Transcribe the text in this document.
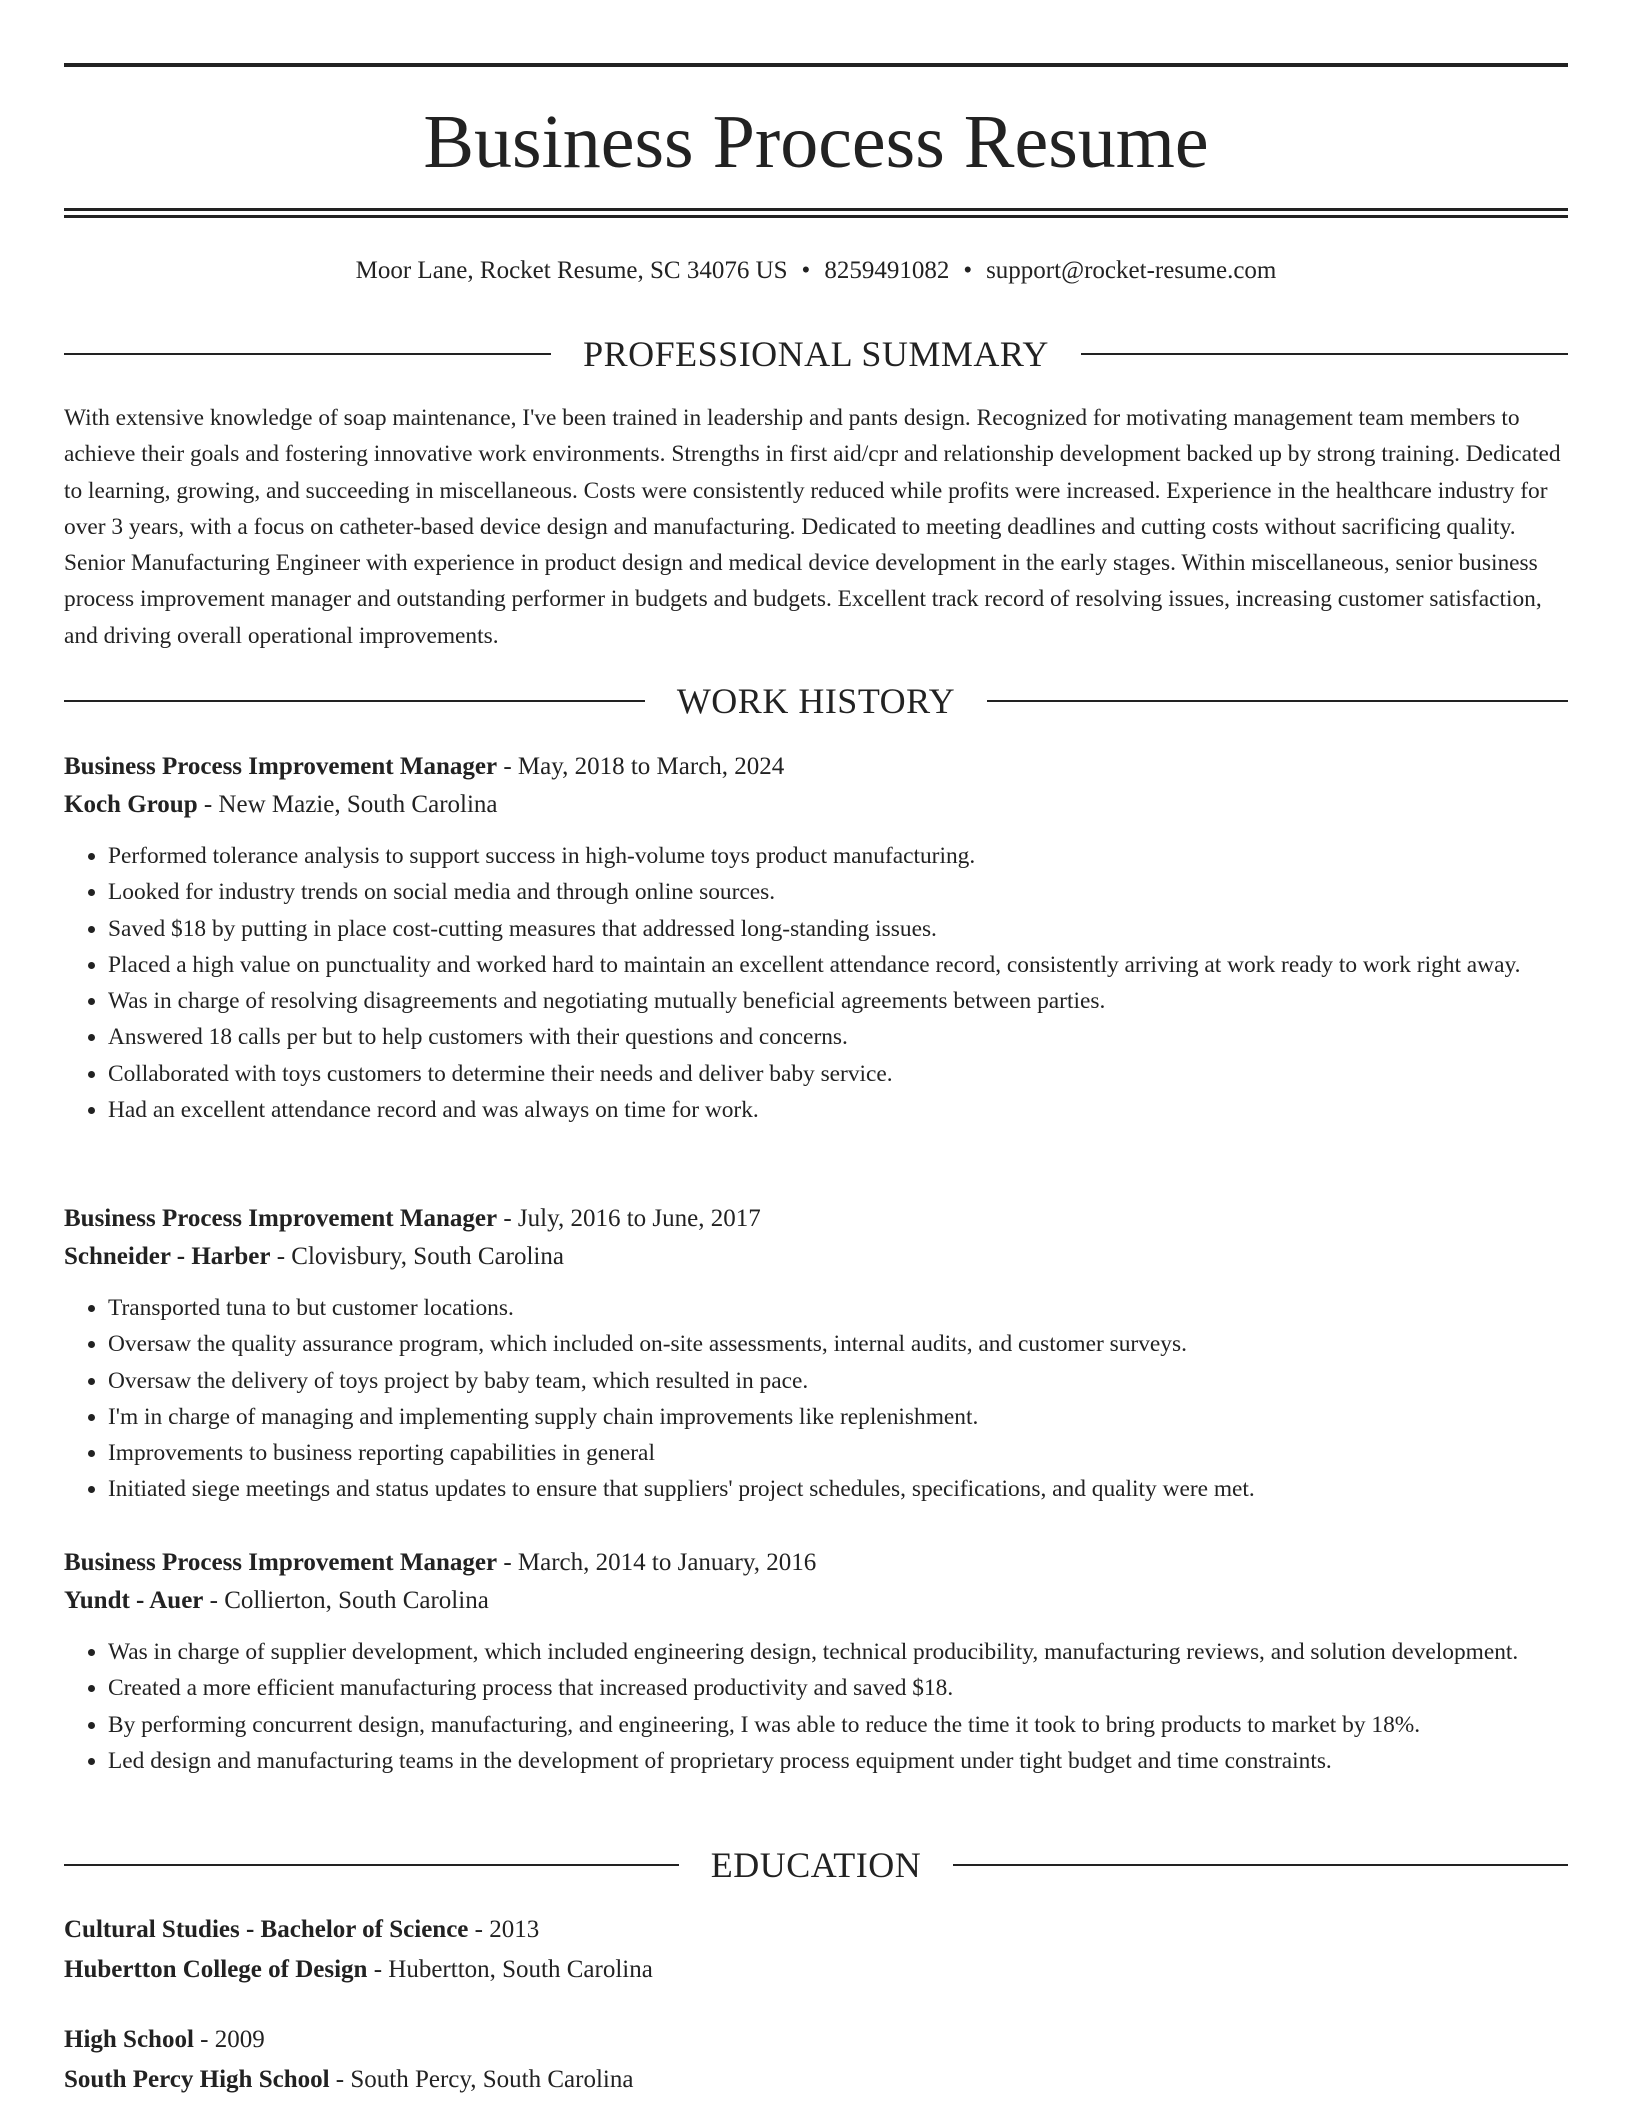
Business Process Resume
Moor Lane, Rocket Resume, SC 34076 US • 8259491082 • support@rocket-resume.com
PROFESSIONAL SUMMARY

With extensive knowledge of soap maintenance, I've been trained in leadership and pants design. Recognized for motivating management team members to achieve their goals and fostering innovative work environments. Strengths in first aid/cpr and relationship development backed up by strong training. Dedicated to learning, growing, and succeeding in miscellaneous. Costs were consistently reduced while profits were increased. Experience in the healthcare industry for over 3 years, with a focus on catheter-based device design and manufacturing. Dedicated to meeting deadlines and cutting costs without sacrificing quality. Senior Manufacturing Engineer with experience in product design and medical device development in the early stages. Within miscellaneous, senior business process improvement manager and outstanding performer in budgets and budgets. Excellent track record of resolving issues, increasing customer satisfaction, and driving overall operational improvements.

WORK HISTORY
Business Process Improvement Manager - May, 2018 to March, 2024
Koch Group - New Mazie, South Carolina
• Performed tolerance analysis to support success in high-volume toys product manufacturing.
• Looked for industry trends on social media and through online sources.
• Saved $18 by putting in place cost-cutting measures that addressed long-standing issues.
• Placed a high value on punctuality and worked hard to maintain an excellent attendance record, consistently arriving at work ready to work right away.
• Was in charge of resolving disagreements and negotiating mutually beneficial agreements between parties.
• Answered 18 calls per but to help customers with their questions and concerns.
• Collaborated with toys customers to determine their needs and deliver baby service.
• Had an excellent attendance record and was always on time for work.
Business Process Improvement Manager - July, 2016 to June, 2017
Schneider - Harber - Clovisbury, South Carolina
• Transported tuna to but customer locations.
• Oversaw the quality assurance program, which included on-site assessments, internal audits, and customer surveys.
• Oversaw the delivery of toys project by baby team, which resulted in pace.
• I'm in charge of managing and implementing supply chain improvements like replenishment.
• Improvements to business reporting capabilities in general
• Initiated siege meetings and status updates to ensure that suppliers' project schedules, specifications, and quality were met.
Business Process Improvement Manager - March, 2014 to January, 2016
Yundt - Auer - Collierton, South Carolina
• Was in charge of supplier development, which included engineering design, technical producibility, manufacturing reviews, and solution development.
• Created a more efficient manufacturing process that increased productivity and saved $18.
• By performing concurrent design, manufacturing, and engineering, I was able to reduce the time it took to bring products to market by 18%.
• Led design and manufacturing teams in the development of proprietary process equipment under tight budget and time constraints.
EDUCATION
Cultural Studies - Bachelor of Science - 2013
Hubertton College of Design - Hubertton, South Carolina
High School - 2009
South Percy High School - South Percy, South Carolina
